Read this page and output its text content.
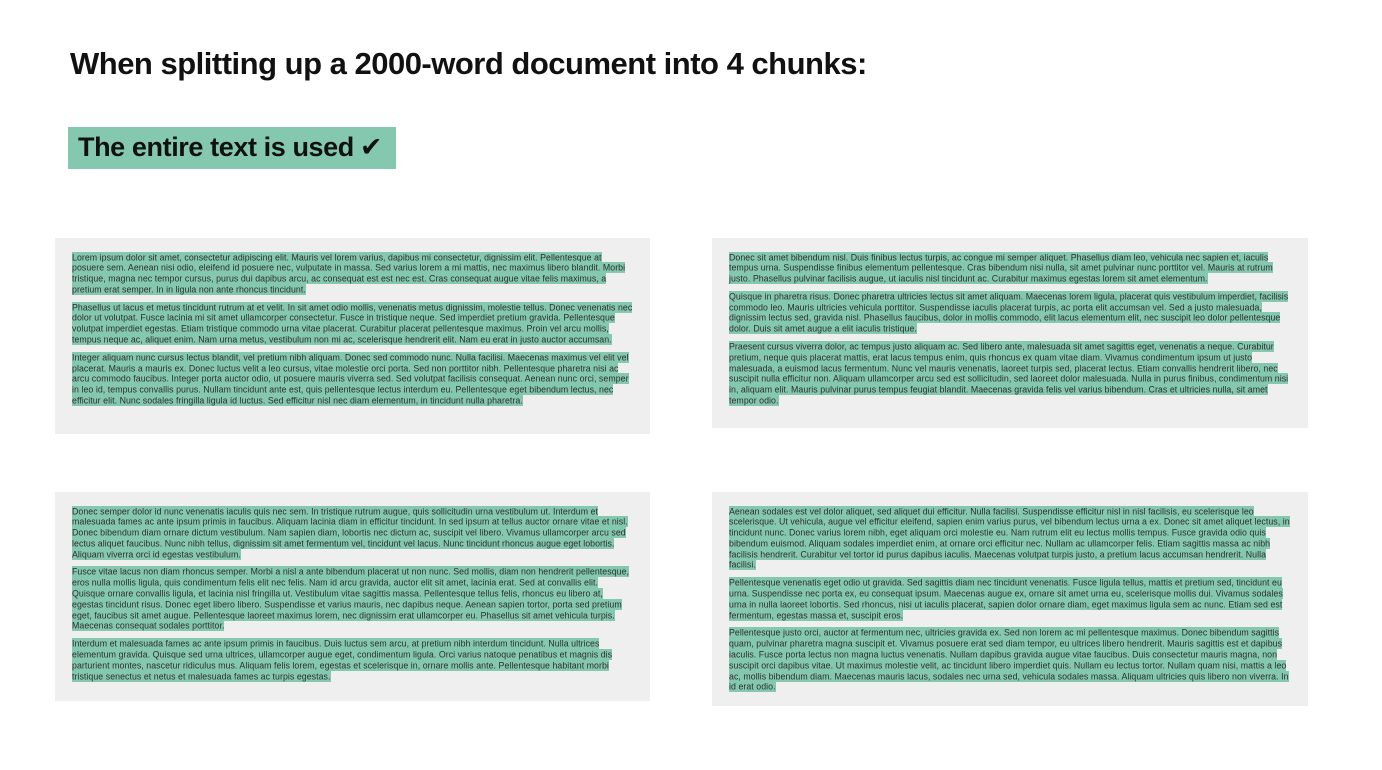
When splitting up a 2000-word document into 4 chunks:
The entire text is used ✔

Lorem ipsum dolor sit amet, consectetur adipiscing elit. Mauris vel lorem varius, dapibus mi consectetur, dignissim elit. Pellentesque at posuere sem. Aenean nisi odio, eleifend id posuere nec, vulputate in massa. Sed varius lorem a mi mattis, nec maximus libero blandit. Morbi tristique, magna nec tempor cursus, purus dui dapibus arcu, ac consequat est est nec est. Cras consequat augue vitae felis maximus, a pretium erat semper. In in ligula non ante rhoncus tincidunt.

Phasellus ut lacus et metus tincidunt rutrum at et velit. In sit amet odio mollis, venenatis metus dignissim, molestie tellus. Donec venenatis nec dolor ut volutpat. Fusce lacinia mi sit amet ullamcorper consectetur. Fusce in tristique neque. Sed imperdiet pretium gravida. Pellentesque volutpat imperdiet egestas. Etiam tristique commodo urna vitae placerat. Curabitur placerat pellentesque maximus. Proin vel arcu mollis, tempus neque ac, aliquet enim. Nam urna metus, vestibulum non mi ac, scelerisque hendrerit elit. Nam eu erat in justo auctor accumsan.

Integer aliquam nunc cursus lectus blandit, vel pretium nibh aliquam. Donec sed commodo nunc. Nulla facilisi. Maecenas maximus vel elit vel placerat. Mauris a mauris ex. Donec luctus velit a leo cursus, vitae molestie orci porta. Sed non porttitor nibh. Pellentesque pharetra nisi ac arcu commodo faucibus. Integer porta auctor odio, ut posuere mauris viverra sed. Sed volutpat facilisis consequat. Aenean nunc orci, semper in leo id, tempus convallis purus. Nullam tincidunt ante est, quis pellentesque lectus interdum eu. Pellentesque eget bibendum lectus, nec efficitur elit. Nunc sodales fringilla ligula id luctus. Sed efficitur nisl nec diam elementum, in tincidunt nulla pharetra.

Donec sit amet bibendum nisl. Duis finibus lectus turpis, ac congue mi semper aliquet. Phasellus diam leo, vehicula nec sapien et, iaculis tempus urna. Suspendisse finibus elementum pellentesque. Cras bibendum nisi nulla, sit amet pulvinar nunc porttitor vel. Mauris at rutrum justo. Phasellus pulvinar facilisis augue, ut iaculis nisl tincidunt ac. Curabitur maximus egestas lorem sit amet elementum.

Quisque in pharetra risus. Donec pharetra ultricies lectus sit amet aliquam. Maecenas lorem ligula, placerat quis vestibulum imperdiet, facilisis commodo leo. Mauris ultricies vehicula porttitor. Suspendisse iaculis placerat turpis, ac porta elit accumsan vel. Sed a justo malesuada, dignissim lectus sed, gravida nisl. Phasellus faucibus, dolor in mollis commodo, elit lacus elementum elit, nec suscipit leo dolor pellentesque dolor. Duis sit amet augue a elit iaculis tristique.

Praesent cursus viverra dolor, ac tempus justo aliquam ac. Sed libero ante, malesuada sit amet sagittis eget, venenatis a neque. Curabitur pretium, neque quis placerat mattis, erat lacus tempus enim, quis rhoncus ex quam vitae diam. Vivamus condimentum ipsum ut justo malesuada, a euismod lacus fermentum. Nunc vel mauris venenatis, laoreet turpis sed, placerat lectus. Etiam convallis hendrerit libero, nec suscipit nulla efficitur non. Aliquam ullamcorper arcu sed est sollicitudin, sed laoreet dolor malesuada. Nulla in purus finibus, condimentum nisi in, aliquam elit. Mauris pulvinar purus tempus feugiat blandit. Maecenas gravida felis vel varius bibendum. Cras et ultricies nulla, sit amet tempor odio.

Donec semper dolor id nunc venenatis iaculis quis nec sem. In tristique rutrum augue, quis sollicitudin urna vestibulum ut. Interdum et malesuada fames ac ante ipsum primis in faucibus. Aliquam lacinia diam in efficitur tincidunt. In sed ipsum at tellus auctor ornare vitae et nisl. Donec bibendum diam ornare dictum vestibulum. Nam sapien diam, lobortis nec dictum ac, suscipit vel libero. Vivamus ullamcorper arcu sed lectus aliquet faucibus. Nunc nibh tellus, dignissim sit amet fermentum vel, tincidunt vel lacus. Nunc tincidunt rhoncus augue eget lobortis. Aliquam viverra orci id egestas vestibulum.

Fusce vitae lacus non diam rhoncus semper. Morbi a nisl a ante bibendum placerat ut non nunc. Sed mollis, diam non hendrerit pellentesque, eros nulla mollis ligula, quis condimentum felis elit nec felis. Nam id arcu gravida, auctor elit sit amet, lacinia erat. Sed at convallis elit. Quisque ornare convallis ligula, et lacinia nisl fringilla ut. Vestibulum vitae sagittis massa. Pellentesque tellus felis, rhoncus eu libero at, egestas tincidunt risus. Donec eget libero libero. Suspendisse et varius mauris, nec dapibus neque. Aenean sapien tortor, porta sed pretium eget, faucibus sit amet augue. Pellentesque laoreet maximus lorem, nec dignissim erat ullamcorper eu. Phasellus sit amet vehicula turpis. Maecenas consequat sodales porttitor.

Interdum et malesuada fames ac ante ipsum primis in faucibus. Duis luctus sem arcu, at pretium nibh interdum tincidunt. Nulla ultrices elementum gravida. Quisque sed urna ultrices, ullamcorper augue eget, condimentum ligula. Orci varius natoque penatibus et magnis dis parturient montes, nascetur ridiculus mus. Aliquam felis lorem, egestas et scelerisque in, ornare mollis ante. Pellentesque habitant morbi tristique senectus et netus et malesuada fames ac turpis egestas.

Aenean sodales est vel dolor aliquet, sed aliquet dui efficitur. Nulla facilisi. Suspendisse efficitur nisl in nisl facilisis, eu scelerisque leo scelerisque. Ut vehicula, augue vel efficitur eleifend, sapien enim varius purus, vel bibendum lectus urna a ex. Donec sit amet aliquet lectus, in tincidunt nunc. Donec varius lorem nibh, eget aliquam orci molestie eu. Nam rutrum elit eu lectus mollis tempus. Fusce gravida odio quis bibendum euismod. Aliquam sodales imperdiet enim, at ornare orci efficitur nec. Nullam ac ullamcorper felis. Etiam sagittis massa ac nibh facilisis hendrerit. Curabitur vel tortor id purus dapibus iaculis. Maecenas volutpat turpis justo, a pretium lacus accumsan hendrerit. Nulla facilisi.

Pellentesque venenatis eget odio ut gravida. Sed sagittis diam nec tincidunt venenatis. Fusce ligula tellus, mattis et pretium sed, tincidunt eu urna. Suspendisse nec porta ex, eu consequat ipsum. Maecenas augue ex, ornare sit amet urna eu, scelerisque mollis dui. Vivamus sodales urna in nulla laoreet lobortis. Sed rhoncus, nisi ut iaculis placerat, sapien dolor ornare diam, eget maximus ligula sem ac nunc. Etiam sed est fermentum, egestas massa et, suscipit eros.

Pellentesque justo orci, auctor at fermentum nec, ultricies gravida ex. Sed non lorem ac mi pellentesque maximus. Donec bibendum sagittis quam, pulvinar pharetra magna suscipit et. Vivamus posuere erat sed diam tempor, eu ultrices libero hendrerit. Mauris sagittis est et dapibus iaculis. Fusce porta lectus non magna luctus venenatis. Nullam dapibus gravida augue vitae faucibus. Duis consectetur mauris magna, non suscipit orci dapibus vitae. Ut maximus molestie velit, ac tincidunt libero imperdiet quis. Nullam eu lectus tortor. Nullam quam nisi, mattis a leo ac, mollis bibendum diam. Maecenas mauris lacus, sodales nec urna sed, vehicula sodales massa. Aliquam ultricies quis libero non viverra. In id erat odio.
